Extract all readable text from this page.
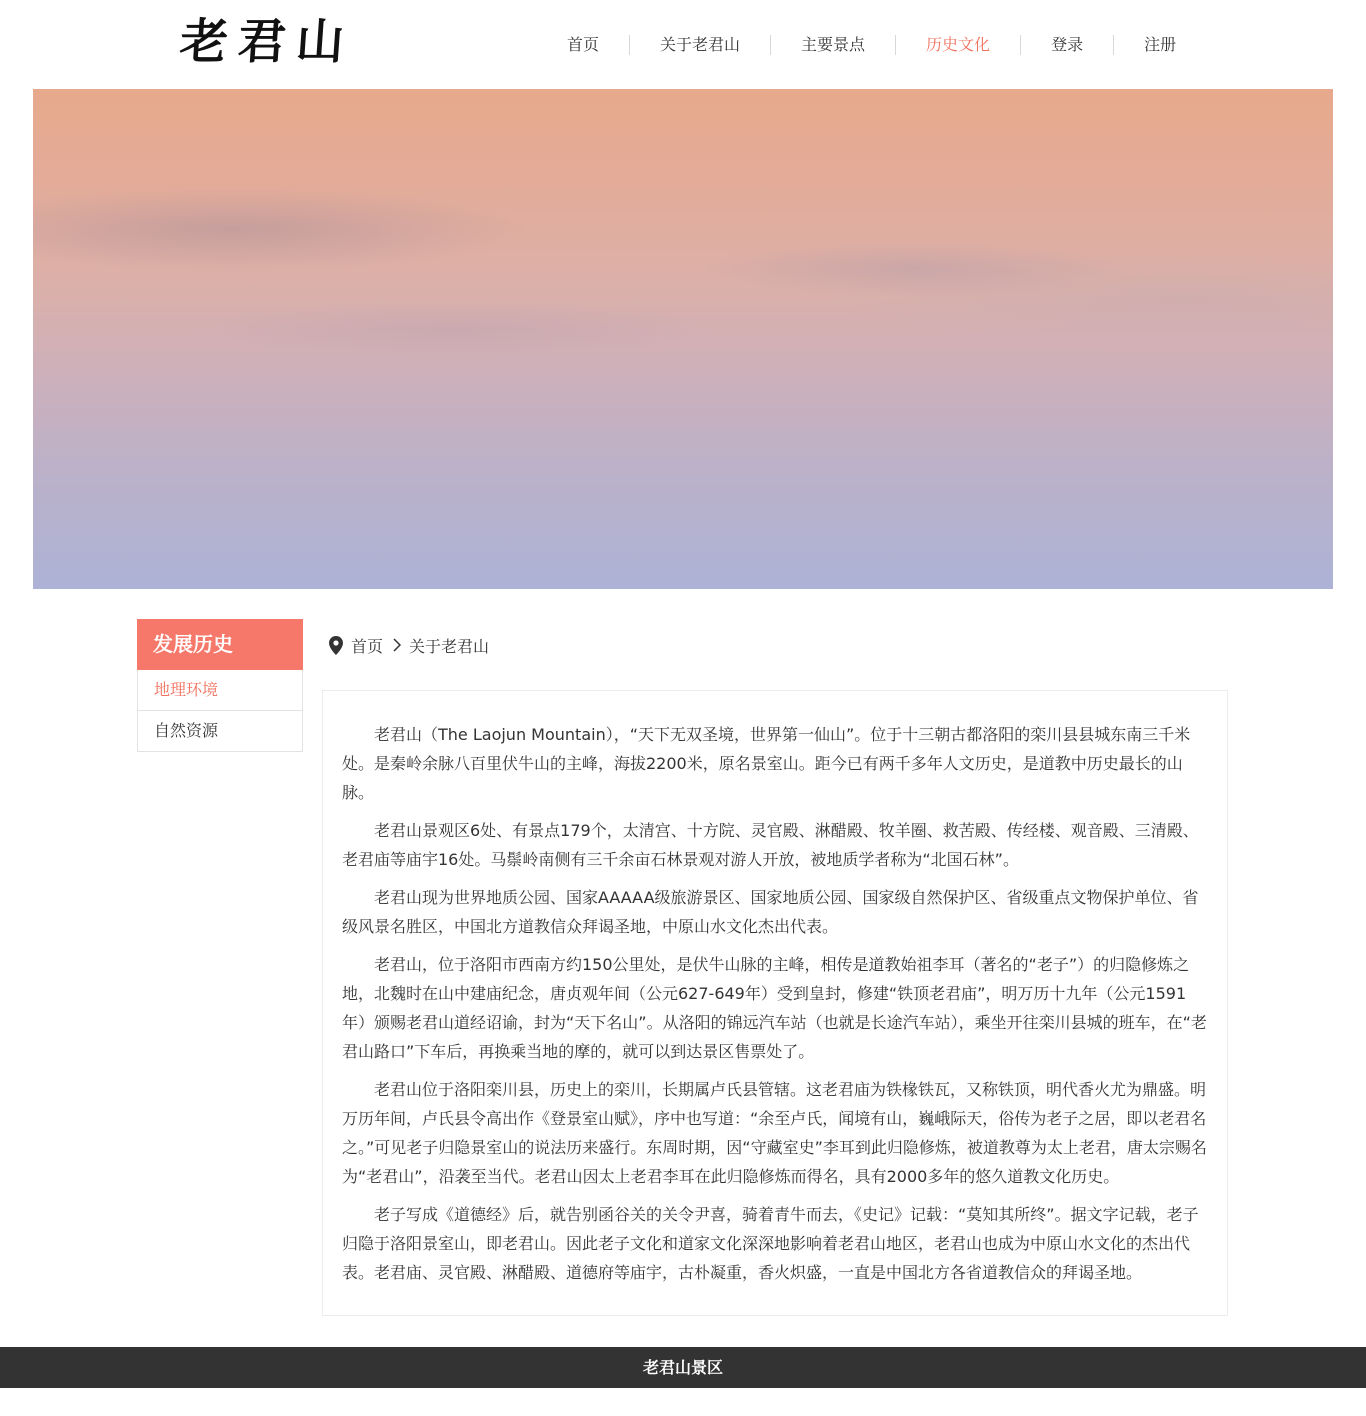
老君山	首页	关于老君山	主要景点	历史文化	登录	注册
发展历史
地理环境
自然资源
首页 关于老君山

老君山（The Laojun Mountain），“天下无双圣境，世界第一仙山”。位于十三朝古都洛阳的栾川县县城东南三千米处。是秦岭余脉八百里伏牛山的主峰，海拔2200米，原名景室山。距今已有两千多年人文历史，是道教中历史最长的山脉。

老君山景观区6处、有景点179个，太清宫、十方院、灵官殿、淋醋殿、牧羊圈、救苦殿、传经楼、观音殿、三清殿、老君庙等庙宇16处。马鬃岭南侧有三千余亩石林景观对游人开放，被地质学者称为“北国石林”。

老君山现为世界地质公园、国家AAAAA级旅游景区、国家地质公园、国家级自然保护区、省级重点文物保护单位、省级风景名胜区，中国北方道教信众拜谒圣地，中原山水文化杰出代表。

老君山，位于洛阳市西南方约150公里处，是伏牛山脉的主峰，相传是道教始祖李耳（著名的“老子”）的归隐修炼之地，北魏时在山中建庙纪念，唐贞观年间（公元627-649年）受到皇封，修建“铁顶老君庙”，明万历十九年（公元1591年）颁赐老君山道经诏谕，封为“天下名山”。从洛阳的锦远汽车站（也就是长途汽车站），乘坐开往栾川县城的班车，在“老君山路口”下车后，再换乘当地的摩的，就可以到达景区售票处了。

老君山位于洛阳栾川县，历史上的栾川，长期属卢氏县管辖。这老君庙为铁椽铁瓦，又称铁顶，明代香火尤为鼎盛。明万历年间，卢氏县令高出作《登景室山赋》，序中也写道：“余至卢氏，闻境有山，巍峨际天，俗传为老子之居，即以老君名之。”可见老子归隐景室山的说法历来盛行。东周时期，因“守藏室史”李耳到此归隐修炼，被道教尊为太上老君，唐太宗赐名为“老君山”，沿袭至当代。老君山因太上老君李耳在此归隐修炼而得名，具有2000多年的悠久道教文化历史。

老子写成《道德经》后，就告别函谷关的关令尹喜，骑着青牛而去，《史记》记载：“莫知其所终”。据文字记载，老子归隐于洛阳景室山，即老君山。因此老子文化和道家文化深深地影响着老君山地区，老君山也成为中原山水文化的杰出代表。老君庙、灵官殿、淋醋殿、道德府等庙宇，古朴凝重，香火炽盛，一直是中国北方各省道教信众的拜谒圣地。

老君山景区
